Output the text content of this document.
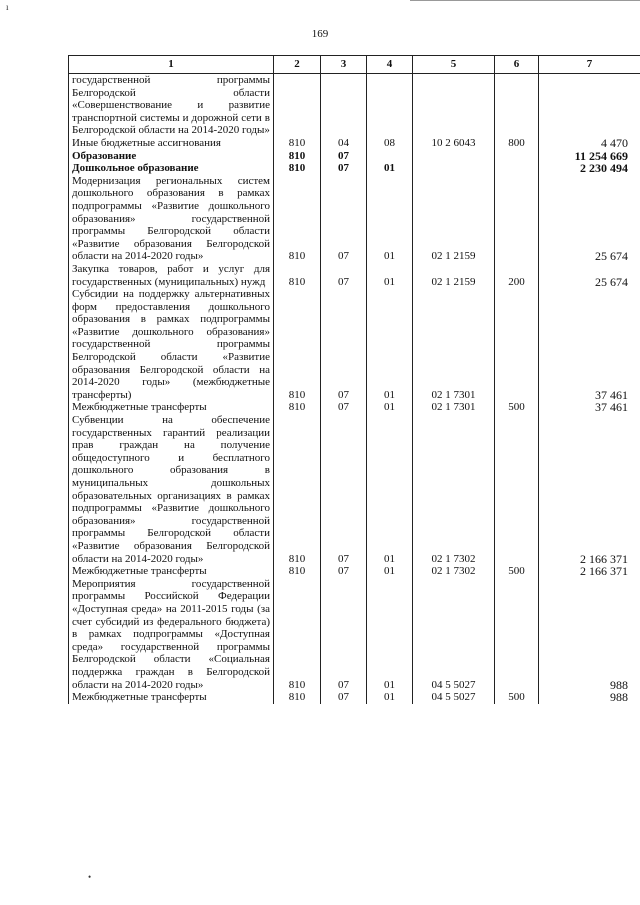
ı
•
169
1	2	3	4	5	6	7
государственной программы Белгородской области «Совершенствование и развитие транспортной системы и дорожной сети в Белгородской области на 2014-2020 годы»						
Иные бюджетные ассигнования	810	04	08	10 2 6043	800	4 470
Образование	810	07				11 254 669
Дошкольное образование	810	07	01			2 230 494
Модернизация региональных систем дошкольного образования в рамках подпрограммы «Развитие дошкольного образования» государственной программы Белгородской области «Развитие образования Белгородской области на 2014-2020 годы»	810	07	01	02 1 2159		25 674
Закупка товаров, работ и услуг для государственных (муниципальных) нужд	810	07	01	02 1 2159	200	25 674
Субсидии на поддержку альтернативных форм предоставления дошкольного образования в рамках подпрограммы «Развитие дошкольного образования» государственной программы Белгородской области «Развитие образования Белгородской области на 2014-2020 годы» (межбюджетные трансферты)	810	07	01	02 1 7301		37 461
Межбюджетные трансферты	810	07	01	02 1 7301	500	37 461
Субвенции на обеспечение государственных гарантий реализации прав граждан на получение общедоступного и бесплатного дошкольного образования в муниципальных дошкольных образовательных организациях в рамках подпрограммы «Развитие дошкольного образования» государственной программы Белгородской области «Развитие образования Белгородской области на 2014-2020 годы»	810	07	01	02 1 7302		2 166 371
Межбюджетные трансферты	810	07	01	02 1 7302	500	2 166 371
Мероприятия государственной программы Российской Федерации «Доступная среда» на 2011-2015 годы (за счет субсидий из федерального бюджета) в рамках подпрограммы «Доступная среда» государственной программы Белгородской области «Социальная поддержка граждан в Белгородской области на 2014-2020 годы»	810	07	01	04 5 5027		988
Межбюджетные трансферты	810	07	01	04 5 5027	500	988
